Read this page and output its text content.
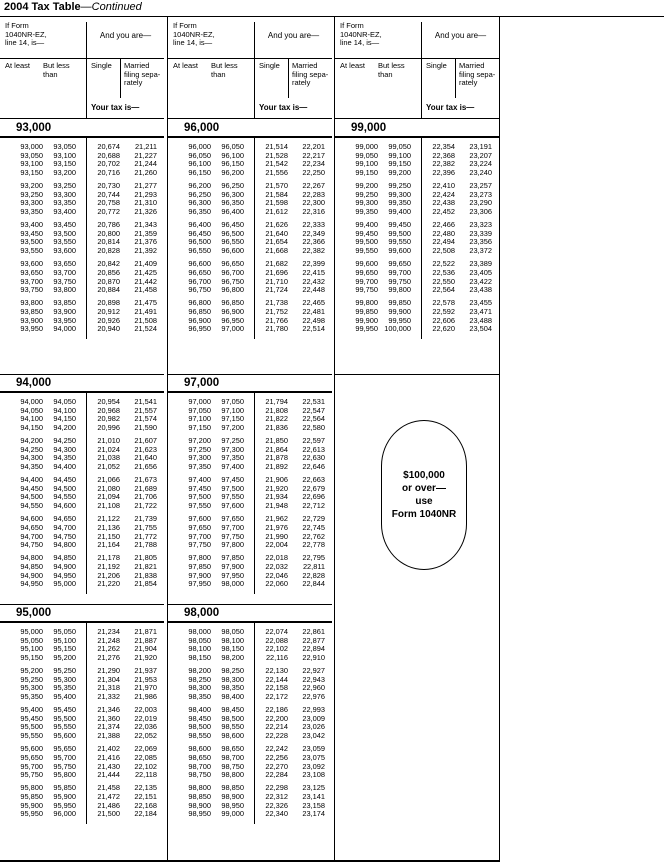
2004 Tax Table—Continued
If Form
1040NR-EZ,
line 14, is—
And you are—
At least But less than
Single Married filing sepa- rately
Your tax is—
93,000
93,000 93,050	20,674 21,211
93,050 93,100	20,688 21,227
93,100 93,150	20,702 21,244
93,150 93,200	20,716 21,260
93,200 93,250	20,730 21,277
93,250 93,300	20,744 21,293
93,300 93,350	20,758 21,310
93,350 93,400	20,772 21,326
93,400 93,450	20,786 21,343
93,450 93,500	20,800 21,359
93,500 93,550	20,814 21,376
93,550 93,600	20,828 21,392
93,600 93,650	20,842 21,409
93,650 93,700	20,856 21,425
93,700 93,750	20,870 21,442
93,750 93,800	20,884 21,458
93,800 93,850	20,898 21,475
93,850 93,900	20,912 21,491
93,900 93,950	20,926 21,508
93,950 94,000	20,940 21,524
94,000
94,000 94,050	20,954 21,541
94,050 94,100	20,968 21,557
94,100 94,150	20,982 21,574
94,150 94,200	20,996 21,590
94,200 94,250	21,010 21,607
94,250 94,300	21,024 21,623
94,300 94,350	21,038 21,640
94,350 94,400	21,052 21,656
94,400 94,450	21,066 21,673
94,450 94,500	21,080 21,689
94,500 94,550	21,094 21,706
94,550 94,600	21,108 21,722
94,600 94,650	21,122 21,739
94,650 94,700	21,136 21,755
94,700 94,750	21,150 21,772
94,750 94,800	21,164 21,788
94,800 94,850	21,178 21,805
94,850 94,900	21,192 21,821
94,900 94,950	21,206 21,838
94,950 95,000	21,220 21,854
95,000
95,000 95,050	21,234 21,871
95,050 95,100	21,248 21,887
95,100 95,150	21,262 21,904
95,150 95,200	21,276 21,920
95,200 95,250	21,290 21,937
95,250 95,300	21,304 21,953
95,300 95,350	21,318 21,970
95,350 95,400	21,332 21,986
95,400 95,450	21,346 22,003
95,450 95,500	21,360 22,019
95,500 95,550	21,374 22,036
95,550 95,600	21,388 22,052
95,600 95,650	21,402 22,069
95,650 95,700	21,416 22,085
95,700 95,750	21,430 22,102
95,750 95,800	21,444 22,118
95,800 95,850	21,458 22,135
95,850 95,900	21,472 22,151
95,900 95,950	21,486 22,168
95,950 96,000	21,500 22,184
If Form
1040NR-EZ,
line 14, is—
And you are—
At least But less than
Single Married filing sepa- rately
Your tax is—
96,000
96,000 96,050	21,514 22,201
96,050 96,100	21,528 22,217
96,100 96,150	21,542 22,234
96,150 96,200	21,556 22,250
96,200 96,250	21,570 22,267
96,250 96,300	21,584 22,283
96,300 96,350	21,598 22,300
96,350 96,400	21,612 22,316
96,400 96,450	21,626 22,333
96,450 96,500	21,640 22,349
96,500 96,550	21,654 22,366
96,550 96,600	21,668 22,382
96,600 96,650	21,682 22,399
96,650 96,700	21,696 22,415
96,700 96,750	21,710 22,432
96,750 96,800	21,724 22,448
96,800 96,850	21,738 22,465
96,850 96,900	21,752 22,481
96,900 96,950	21,766 22,498
96,950 97,000	21,780 22,514
97,000
97,000 97,050	21,794 22,531
97,050 97,100	21,808 22,547
97,100 97,150	21,822 22,564
97,150 97,200	21,836 22,580
97,200 97,250	21,850 22,597
97,250 97,300	21,864 22,613
97,300 97,350	21,878 22,630
97,350 97,400	21,892 22,646
97,400 97,450	21,906 22,663
97,450 97,500	21,920 22,679
97,500 97,550	21,934 22,696
97,550 97,600	21,948 22,712
97,600 97,650	21,962 22,729
97,650 97,700	21,976 22,745
97,700 97,750	21,990 22,762
97,750 97,800	22,004 22,778
97,800 97,850	22,018 22,795
97,850 97,900	22,032 22,811
97,900 97,950	22,046 22,828
97,950 98,000	22,060 22,844
98,000
98,000 98,050	22,074 22,861
98,050 98,100	22,088 22,877
98,100 98,150	22,102 22,894
98,150 98,200	22,116 22,910
98,200 98,250	22,130 22,927
98,250 98,300	22,144 22,943
98,300 98,350	22,158 22,960
98,350 98,400	22,172 22,976
98,400 98,450	22,186 22,993
98,450 98,500	22,200 23,009
98,500 98,550	22,214 23,026
98,550 98,600	22,228 23,042
98,600 98,650	22,242 23,059
98,650 98,700	22,256 23,075
98,700 98,750	22,270 23,092
98,750 98,800	22,284 23,108
98,800 98,850	22,298 23,125
98,850 98,900	22,312 23,141
98,900 98,950	22,326 23,158
98,950 99,000	22,340 23,174
If Form
1040NR-EZ,
line 14, is—
And you are—
At least But less than
Single Married filing sepa- rately
Your tax is—
99,000
99,000 99,050	22,354 23,191
99,050 99,100	22,368 23,207
99,100 99,150	22,382 23,224
99,150 99,200	22,396 23,240
99,200 99,250	22,410 23,257
99,250 99,300	22,424 23,273
99,300 99,350	22,438 23,290
99,350 99,400	22,452 23,306
99,400 99,450	22,466 23,323
99,450 99,500	22,480 23,339
99,500 99,550	22,494 23,356
99,550 99,600	22,508 23,372
99,600 99,650	22,522 23,389
99,650 99,700	22,536 23,405
99,700 99,750	22,550 23,422
99,750 99,800	22,564 23,438
99,800 99,850	22,578 23,455
99,850 99,900	22,592 23,471
99,900 99,950	22,606 23,488
99,950 100,000	22,620 23,504
$100,000
or over—
use
Form 1040NR
